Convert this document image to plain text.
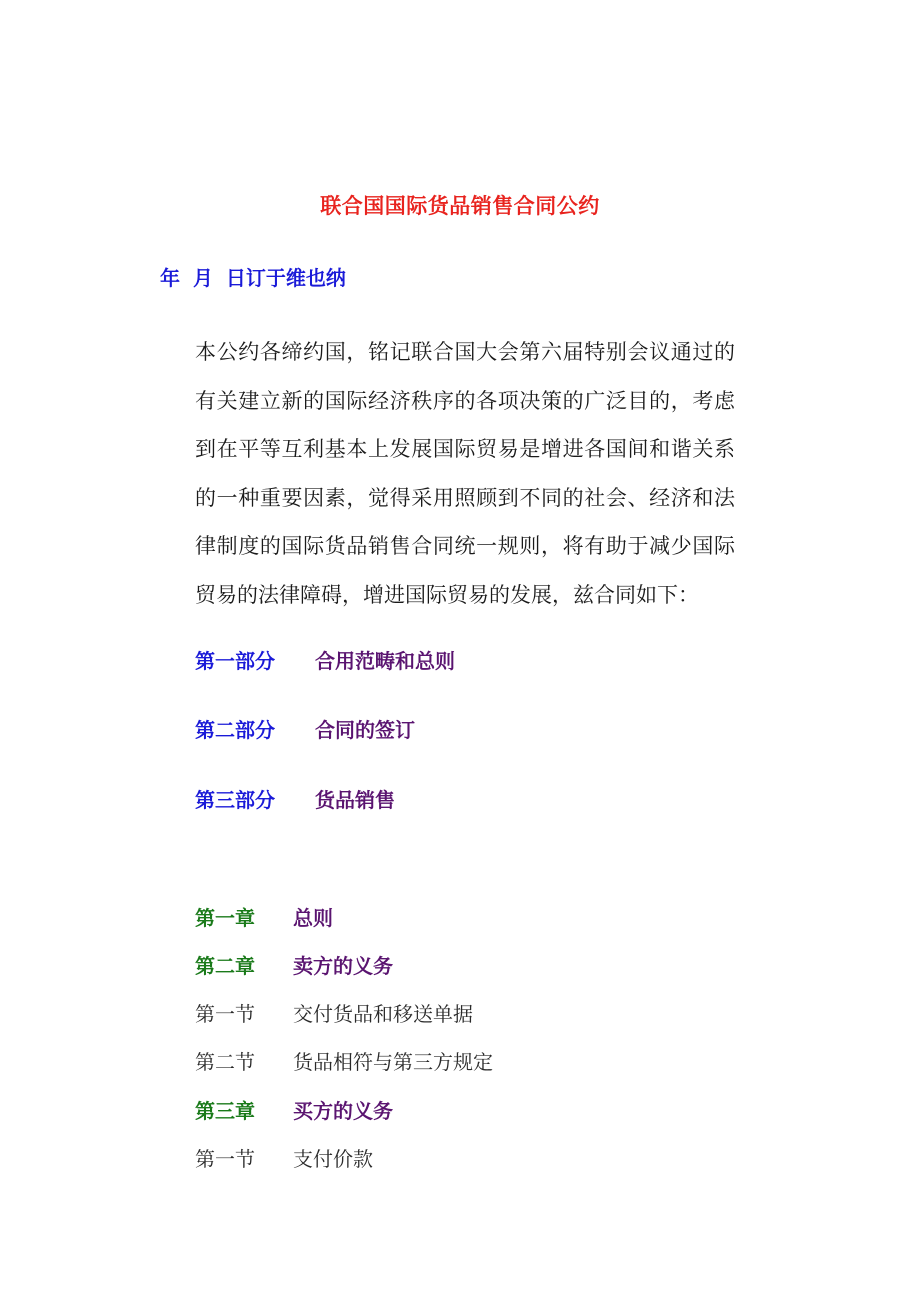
联合国国际货品销售合同公约
年 月 日订于维也纳

本公约各缔约国，铭记联合国大会第六届特别会议通过的有关建立新的国际经济秩序的各项决策的广泛目的，考虑到在平等互利基本上发展国际贸易是增进各国间和谐关系的一种重要因素，觉得采用照顾到不同的社会、经济和法律制度的国际货品销售合同统一规则，将有助于减少国际贸易的法律障碍，增进国际贸易的发展，兹合同如下：

第一部分	合用范畴和总则
第二部分	合同的签订
第三部分	货品销售
第一章	总则
第二章	卖方的义务
第一节	交付货品和移送单据
第二节	货品相符与第三方规定
第三章	买方的义务
第一节	支付价款
